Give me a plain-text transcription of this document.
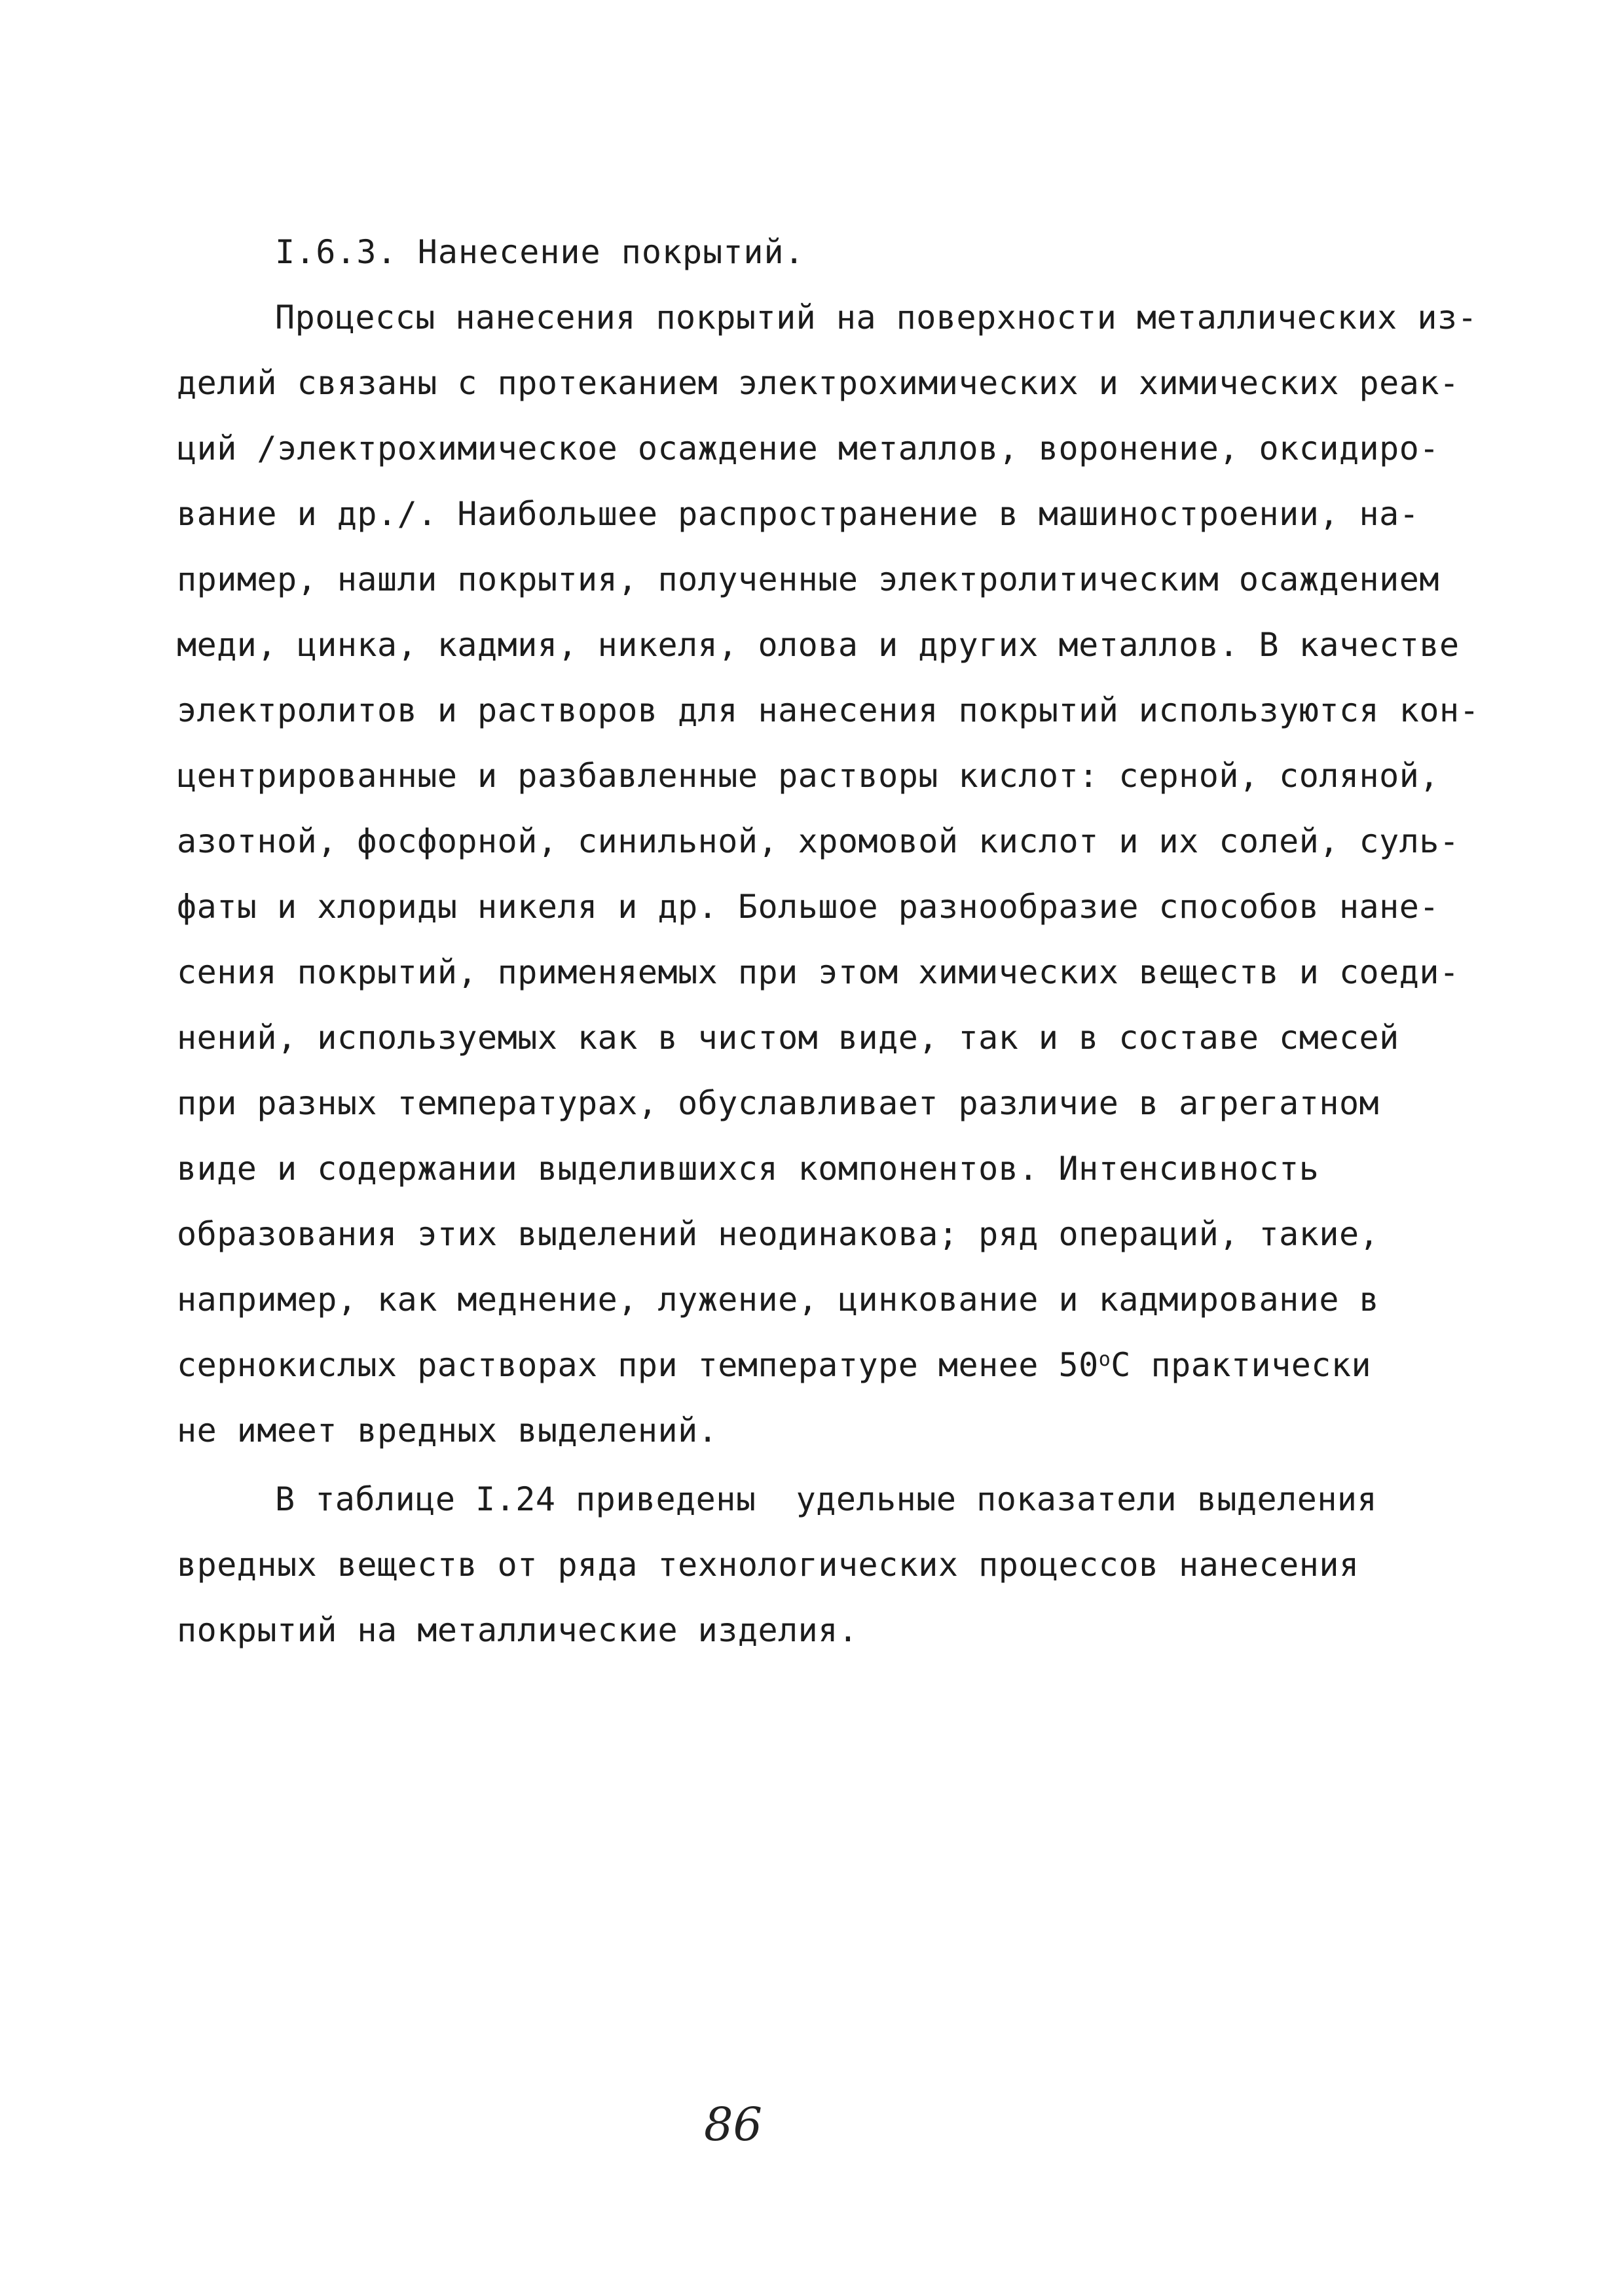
I.6.3. Нанесение покрытий.
Процессы нанесения покрытий на поверхности металлических из-
делий связаны с протеканием электрохимических и химических реак-
ций /электрохимическое осаждение металлов, воронение, оксидиро-
вание и др./. Наибольшее распространение в машиностроении, на-
пример, нашли покрытия, полученные электролитическим осаждением
меди, цинка, кадмия, никеля, олова и других металлов. В качестве
электролитов и растворов для нанесения покрытий используются кон-
центрированные и разбавленные растворы кислот: серной, соляной,
азотной, фосфорной, синильной, хромовой кислот и их солей, суль-
фаты и хлориды никеля и др. Большое разнообразие способов нане-
сения покрытий, применяемых при этом химических веществ и соеди-
нений, используемых как в чистом виде, так и в составе смесей
при разных температурах, обуславливает различие в агрегатном
виде и содержании выделившихся компонентов. Интенсивность
образования этих выделений неодинакова; ряд операций, такие,
например, как меднение, лужение, цинкование и кадмирование в
сернокислых растворах при температуре менее $50^оС$ практически
не имеет вредных выделений.
В таблице I.24 приведены  удельные показатели выделения
вредных веществ от ряда технологических процессов нанесения
покрытий на металлические изделия.
86
